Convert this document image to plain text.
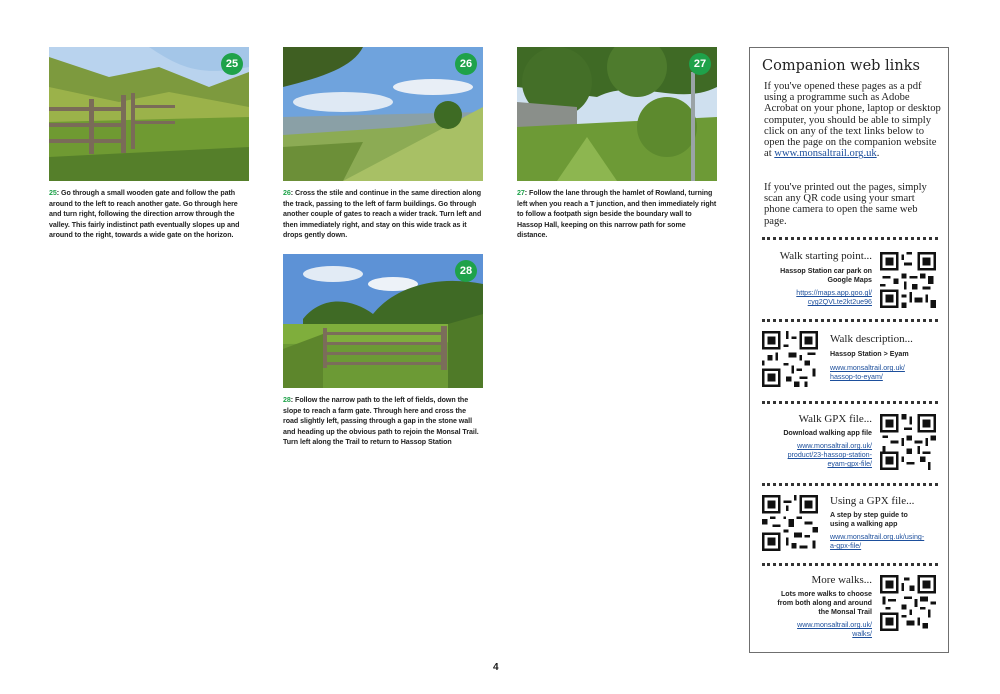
25
25: Go through a small wooden gate and follow the path around to the left to reach another gate. Go through here and turn right, following the direction arrow through the valley. This fairly indistinct path eventually slopes up and around to the right, towards a wide gate on the horizon.
26
26: Cross the stile and continue in the same direction along the track, passing to the left of farm buildings. Go through another couple of gates to reach a wider track. Turn left and then immediately right, and stay on this wide track as it drops gently down.
27
27: Follow the lane through the hamlet of Rowland, turning left when you reach a T junction, and then immediately right to follow a footpath sign beside the boundary wall to Hassop Hall, keeping on this narrow path for some distance.
28
28: Follow the narrow path to the left of fields, down the slope to reach a farm gate. Through here and cross the road slightly left, passing through a gap in the stone wall and heading up the obvious path to rejoin the Monsal Trail. Turn left along the Trail to return to Hassop Station
Companion web links
If you've opened these pages as a pdf using a programme such as Adobe Acrobat on your phone, laptop or desktop computer, you should be able to simply click on any of the text links below to open the page on the companion website at www.monsaltrail.org.uk.
If you've printed out the pages, simply scan any QR code using your smart phone camera to open the same web page.
Walk starting point...
Hassop Station car park on
Google Maps
https://maps.app.goo.gl/
cyg2QVLte2kt2ue96
Walk description...
Hassop Station > Eyam
www.monsaltrail.org.uk/
hassop-to-eyam/
Walk GPX file...
Download walking app file
www.monsaltrail.org.uk/
product/23-hassop-station-
eyam-gpx-file/
Using a GPX file...
A step by step guide to
using a walking app
www.monsaltrail.org.uk/using-
a-gpx-file/
More walks...
Lots more walks to choose
from both along and around
the Monsal Trail
www.monsaltrail.org.uk/
walks/
4
